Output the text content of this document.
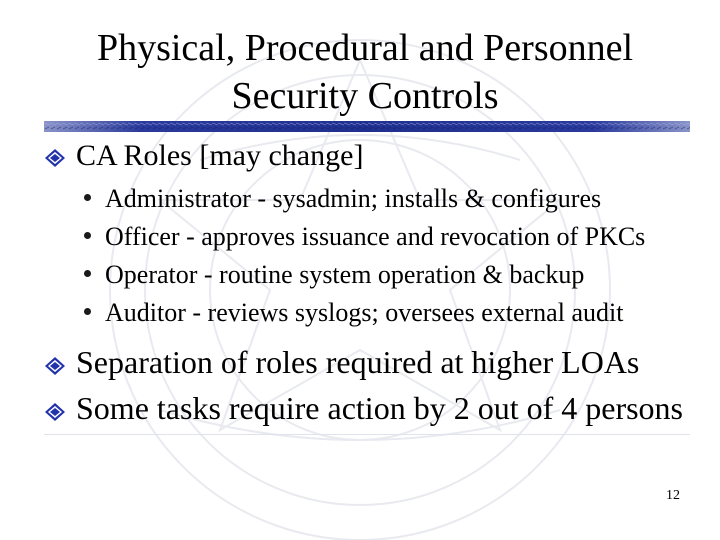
Physical, Procedural and Personnel
Security Controls
CA Roles [may change]
Administrator - sysadmin; installs & configures
Officer - approves issuance and revocation of PKCs
Operator - routine system operation & backup
Auditor - reviews syslogs; oversees external audit
Separation of roles required at higher LOAs
Some tasks require action by 2 out of 4 persons
12
